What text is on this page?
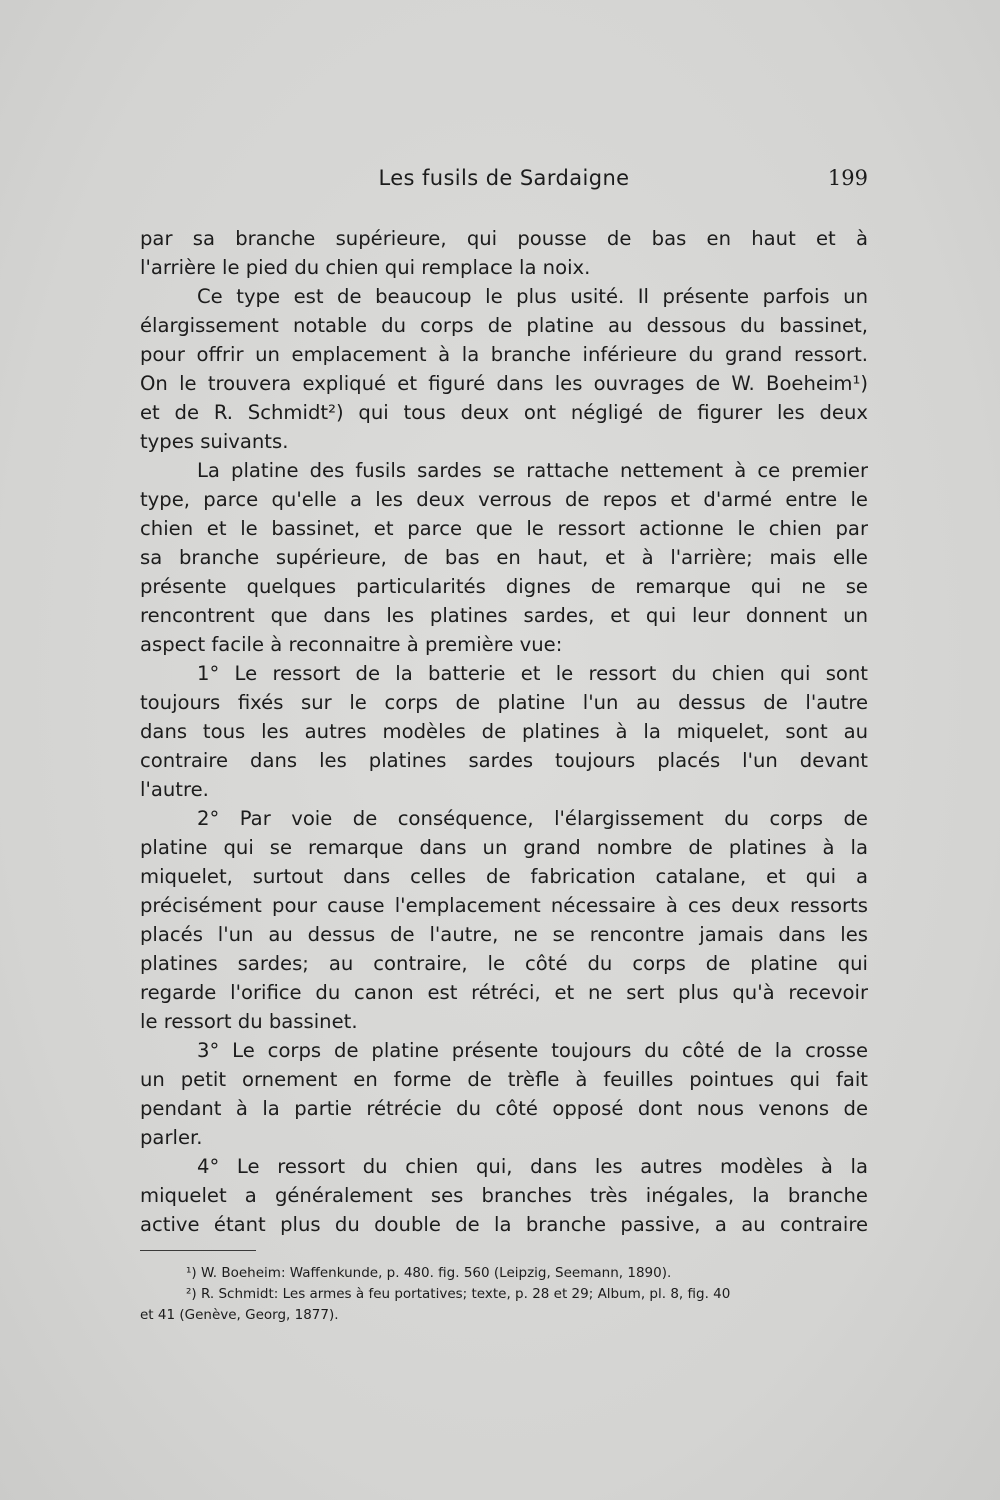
Les fusils de Sardaigne	199
par sa branche supérieure, qui pousse de bas en haut et à
l'arrière le pied du chien qui remplace la noix.
Ce type est de beaucoup le plus usité. Il présente parfois un
élargissement notable du corps de platine au dessous du bassinet,
pour offrir un emplacement à la branche inférieure du grand ressort.
On le trouvera expliqué et figuré dans les ouvrages de W. Boeheim¹)
et de R. Schmidt²) qui tous deux ont négligé de figurer les deux
types suivants.
La platine des fusils sardes se rattache nettement à ce premier
type, parce qu'elle a les deux verrous de repos et d'armé entre le
chien et le bassinet, et parce que le ressort actionne le chien par
sa branche supérieure, de bas en haut, et à l'arrière; mais elle
présente quelques particularités dignes de remarque qui ne se
rencontrent que dans les platines sardes, et qui leur donnent un
aspect facile à reconnaitre à première vue:
1° Le ressort de la batterie et le ressort du chien qui sont
toujours fixés sur le corps de platine l'un au dessus de l'autre
dans tous les autres modèles de platines à la miquelet, sont au
contraire dans les platines sardes toujours placés l'un devant
l'autre.
2° Par voie de conséquence, l'élargissement du corps de
platine qui se remarque dans un grand nombre de platines à la
miquelet, surtout dans celles de fabrication catalane, et qui a
précisément pour cause l'emplacement nécessaire à ces deux ressorts
placés l'un au dessus de l'autre, ne se rencontre jamais dans les
platines sardes; au contraire, le côté du corps de platine qui
regarde l'orifice du canon est rétréci, et ne sert plus qu'à recevoir
le ressort du bassinet.
3° Le corps de platine présente toujours du côté de la crosse
un petit ornement en forme de trèfle à feuilles pointues qui fait
pendant à la partie rétrécie du côté opposé dont nous venons de
parler.
4° Le ressort du chien qui, dans les autres modèles à la
miquelet a généralement ses branches très inégales, la branche
active étant plus du double de la branche passive, a au contraire
¹) W. Boeheim: Waffenkunde, p. 480. fig. 560 (Leipzig, Seemann, 1890).
²) R. Schmidt: Les armes à feu portatives; texte, p. 28 et 29; Album, pl. 8, fig. 40
et 41 (Genève, Georg, 1877).
